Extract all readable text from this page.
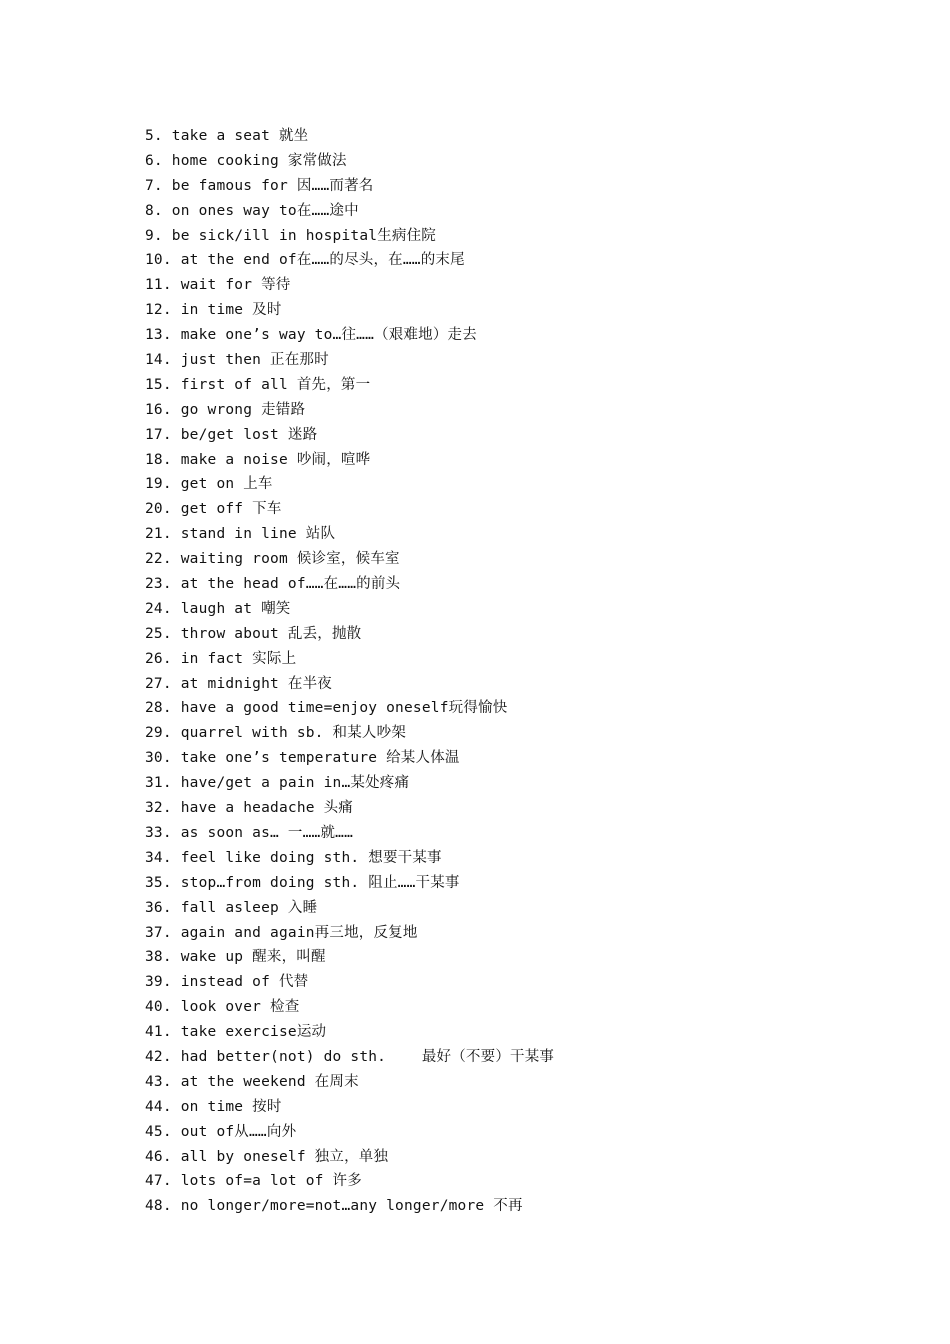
5. take a seat 就坐
6. home cooking 家常做法
7. be famous for 因……而著名
8. on ones way to在……途中
9. be sick/ill in hospital生病住院
10. at the end of在……的尽头，在……的末尾
11. wait for 等待
12. in time 及时
13. make one’s way to…往……（艰难地）走去
14. just then 正在那时
15. first of all 首先，第一
16. go wrong 走错路
17. be/get lost 迷路
18. make a noise 吵闹，喧哗
19. get on 上车
20. get off 下车
21. stand in line 站队
22. waiting room 候诊室，候车室
23. at the head of……在……的前头
24. laugh at 嘲笑
25. throw about 乱丢，抛散
26. in fact 实际上
27. at midnight 在半夜
28. have a good time=enjoy oneself玩得愉快
29. quarrel with sb. 和某人吵架
30. take one’s temperature 给某人体温
31. have/get a pain in…某处疼痛
32. have a headache 头痛
33. as soon as… 一……就……
34. feel like doing sth. 想要干某事
35. stop…from doing sth. 阻止……干某事
36. fall asleep 入睡
37. again and again再三地，反复地
38. wake up 醒来，叫醒
39. instead of 代替
40. look over 检查
41. take exercise运动
42. had better(not) do sth.    最好（不要）干某事
43. at the weekend 在周末
44. on time 按时
45. out of从……向外
46. all by oneself 独立，单独
47. lots of=a lot of 许多
48. no longer/more=not…any longer/more 不再
